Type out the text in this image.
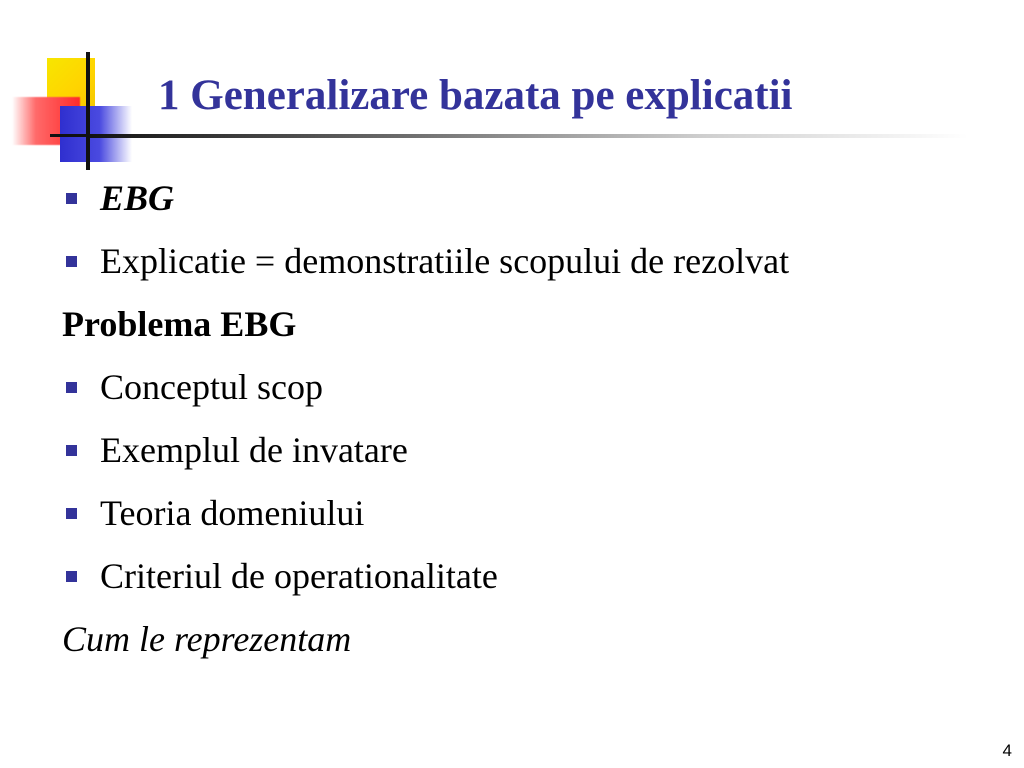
1 Generalizare bazata pe explicatii
EBG
Explicatie = demonstratiile scopului de rezolvat
Problema EBG
Conceptul scop
Exemplul de invatare
Teoria domeniului
Criteriul de operationalitate
Cum le reprezentam
4
